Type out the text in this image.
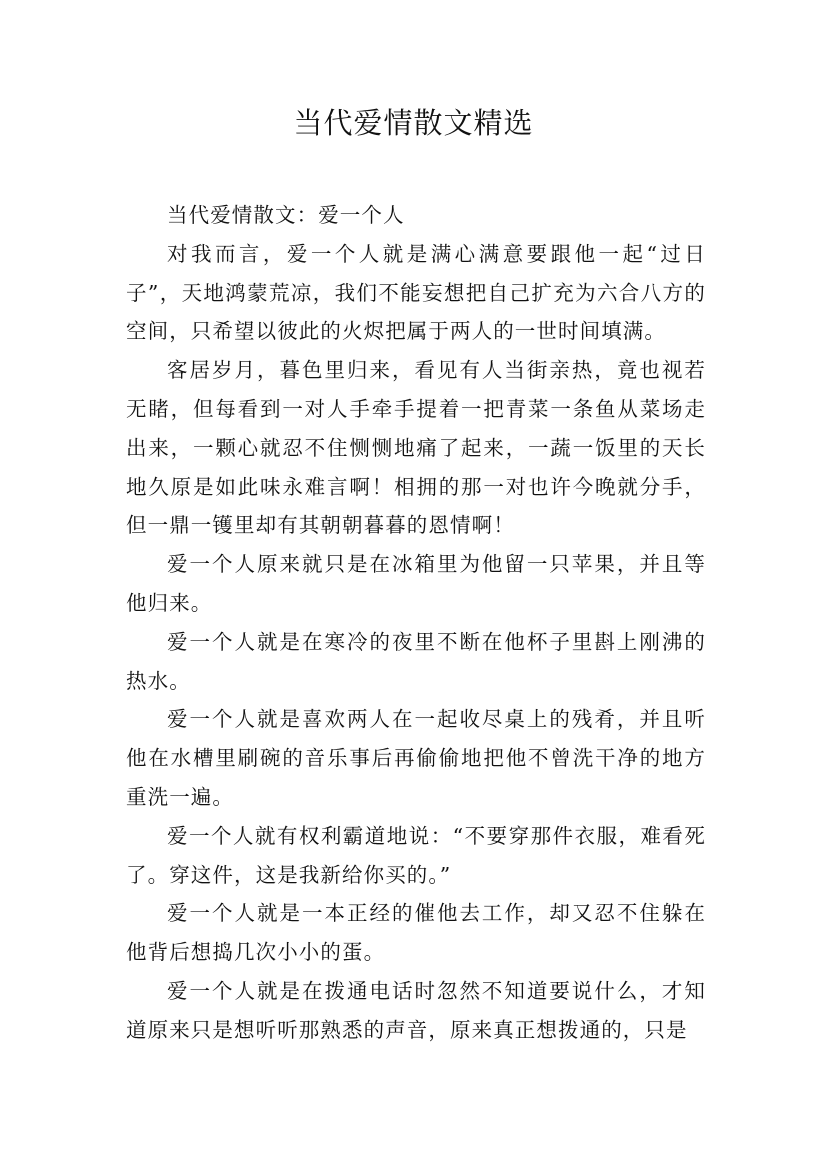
当代爱情散文精选

当代爱情散文：爱一个人

对我而言，爱一个人就是满心满意要跟他一起“过日子”，天地鸿蒙荒凉，我们不能妄想把自己扩充为六合八方的空间，只希望以彼此的火烬把属于两人的一世时间填满。

客居岁月，暮色里归来，看见有人当街亲热，竟也视若无睹，但每看到一对人手牵手提着一把青菜一条鱼从菜场走出来，一颗心就忍不住恻恻地痛了起来，一蔬一饭里的天长地久原是如此味永难言啊！相拥的那一对也许今晚就分手，但一鼎一镬里却有其朝朝暮暮的恩情啊！

爱一个人原来就只是在冰箱里为他留一只苹果，并且等他归来。

爱一个人就是在寒冷的夜里不断在他杯子里斟上刚沸的热水。

爱一个人就是喜欢两人在一起收尽桌上的残肴，并且听他在水槽里刷碗的音乐事后再偷偷地把他不曾洗干净的地方重洗一遍。

爱一个人就有权利霸道地说：“不要穿那件衣服，难看死了。穿这件，这是我新给你买的。”

爱一个人就是一本正经的催他去工作，却又忍不住躲在他背后想捣几次小小的蛋。

爱一个人就是在拨通电话时忽然不知道要说什么，才知道原来只是想听听那熟悉的声音，原来真正想拨通的，只是
